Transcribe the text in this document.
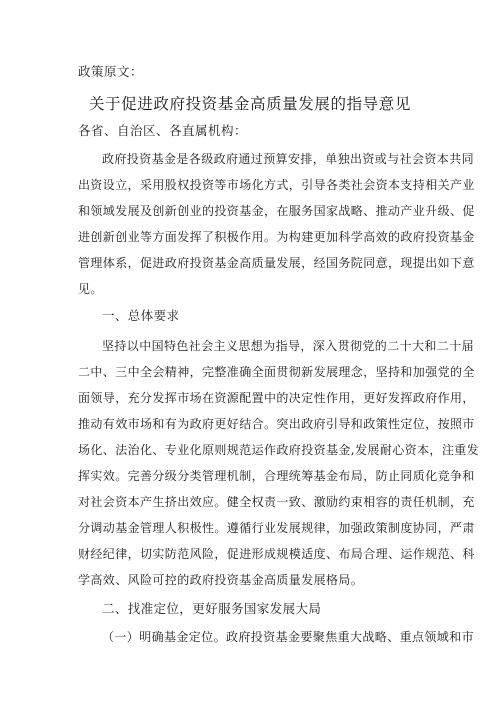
政策原文：
关于促进政府投资基金高质量发展的指导意见
各省、自治区、各直属机构：
政府投资基金是各级政府通过预算安排，单独出资或与社会资本共同
出资设立，采用股权投资等市场化方式，引导各类社会资本支持相关产业
和领域发展及创新创业的投资基金，在服务国家战略、推动产业升级、促
进创新创业等方面发挥了积极作用。为构建更加科学高效的政府投资基金
管理体系，促进政府投资基金高质量发展，经国务院同意，现提出如下意
见。
一、总体要求
坚持以中国特色社会主义思想为指导，深入贯彻党的二十大和二十届
二中、三中全会精神，完整准确全面贯彻新发展理念，坚持和加强党的全
面领导，充分发挥市场在资源配置中的决定性作用，更好发挥政府作用，
推动有效市场和有为政府更好结合。突出政府引导和政策性定位，按照市
场化、法治化、专业化原则规范运作政府投资基金,发展耐心资本，注重发
挥实效。完善分级分类管理机制，合理统筹基金布局，防止同质化竞争和
对社会资本产生挤出效应。健全权责一致、激励约束相容的责任机制，充
分调动基金管理人积极性。遵循行业发展规律，加强政策制度协同，严肃
财经纪律，切实防范风险，促进形成规模适度、布局合理、运作规范、科
学高效、风险可控的政府投资基金高质量发展格局。
二、找准定位，更好服务国家发展大局
（一）明确基金定位。政府投资基金要聚焦重大战略、重点领域和市
